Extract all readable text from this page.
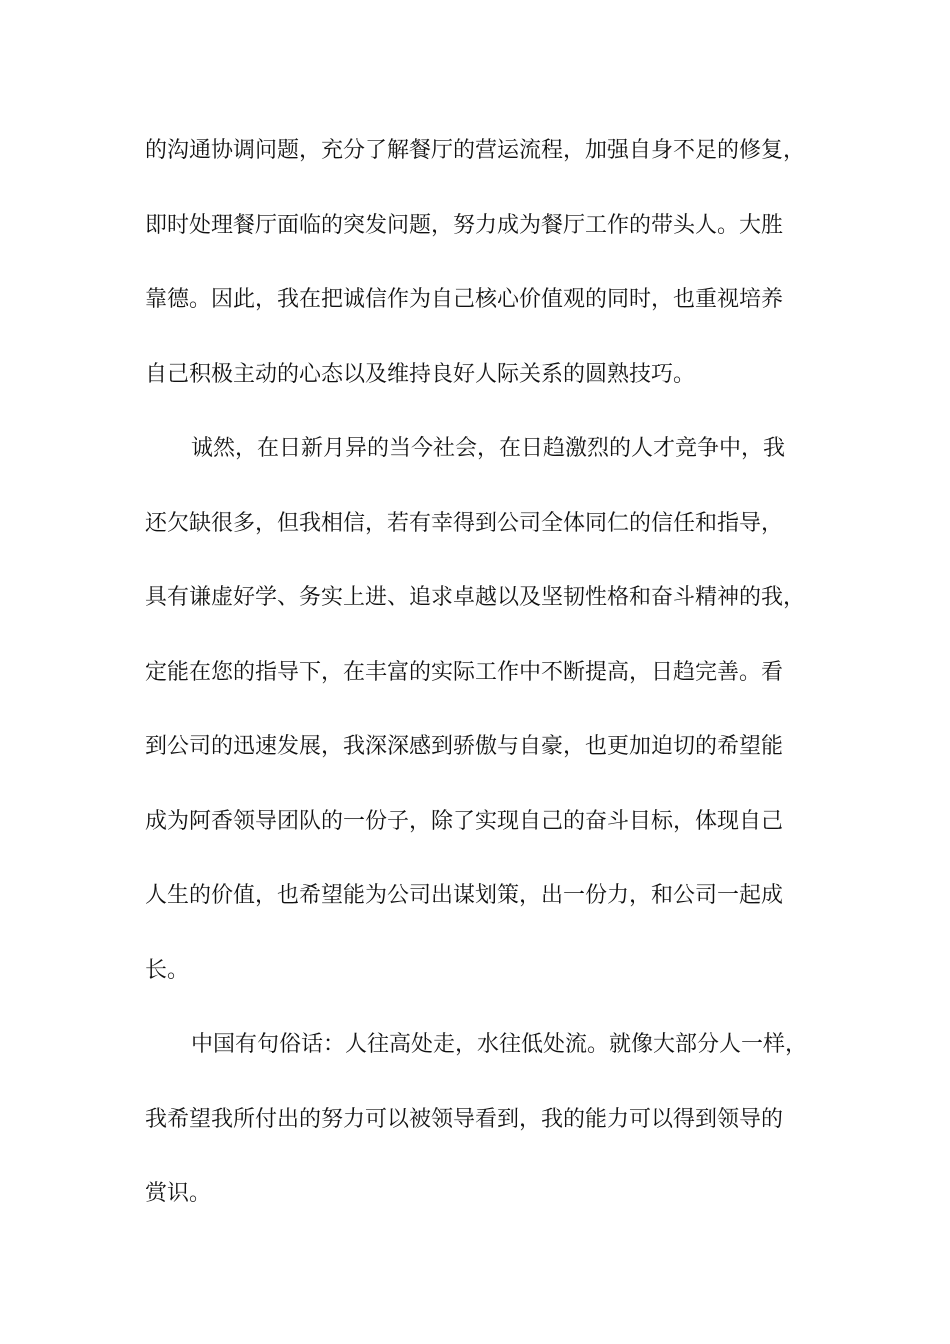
的沟通协调问题，充分了解餐厅的营运流程，加强自身不足的修复，
即时处理餐厅面临的突发问题，努力成为餐厅工作的带头人。大胜
靠德。因此，我在把诚信作为自己核心价值观的同时，也重视培养
自己积极主动的心态以及维持良好人际关系的圆熟技巧。
诚然，在日新月异的当今社会，在日趋激烈的人才竞争中，我
还欠缺很多，但我相信，若有幸得到公司全体同仁的信任和指导，
具有谦虚好学、务实上进、追求卓越以及坚韧性格和奋斗精神的我，
定能在您的指导下，在丰富的实际工作中不断提高，日趋完善。看
到公司的迅速发展，我深深感到骄傲与自豪，也更加迫切的希望能
成为阿香领导团队的一份子，除了实现自己的奋斗目标，体现自己
人生的价值，也希望能为公司出谋划策，出一份力，和公司一起成
长。
中国有句俗话：人往高处走，水往低处流。就像大部分人一样，
我希望我所付出的努力可以被领导看到，我的能力可以得到领导的
赏识。
